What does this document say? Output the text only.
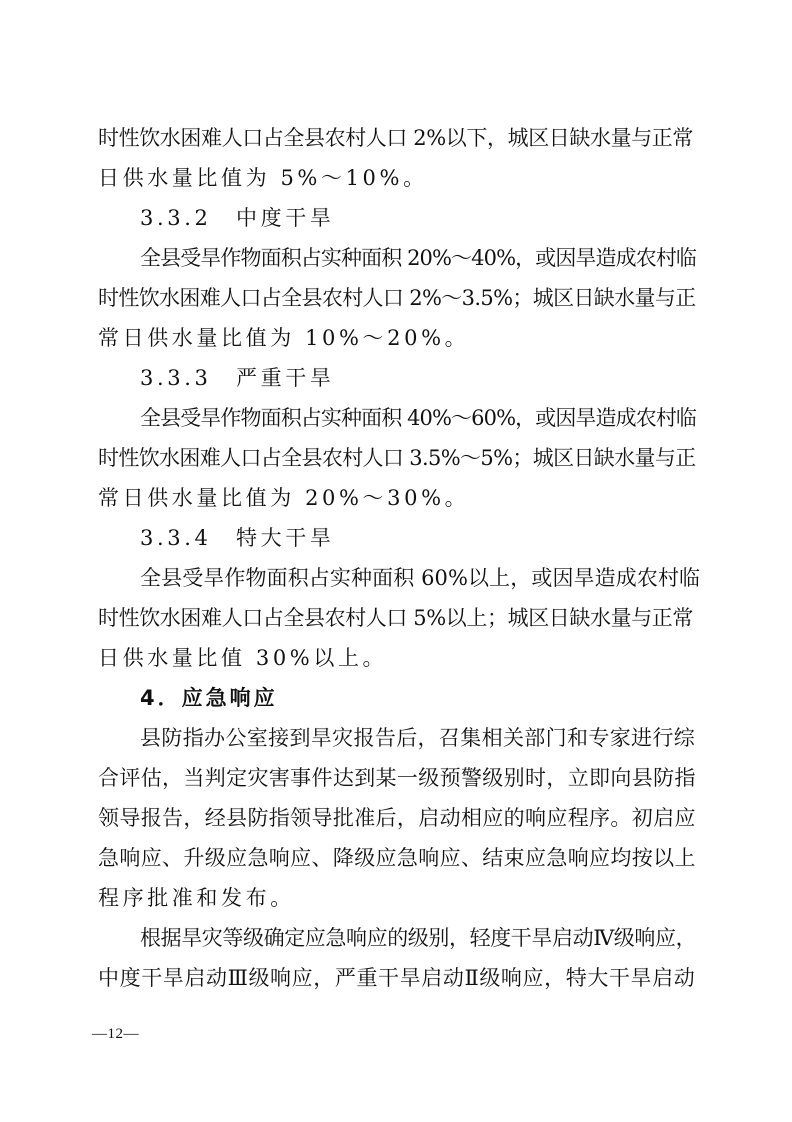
时性饮水困难人口占全县农村人口 2%以下，城区日缺水量与正常
日供水量比值为 5%～10%。
3.3.2　中度干旱
全县受旱作物面积占实种面积 20%～40%，或因旱造成农村临
时性饮水困难人口占全县农村人口 2%～3.5%；城区日缺水量与正
常日供水量比值为 10%～20%。
3.3.3　严重干旱
全县受旱作物面积占实种面积 40%～60%，或因旱造成农村临
时性饮水困难人口占全县农村人口 3.5%～5%；城区日缺水量与正
常日供水量比值为 20%～30%。
3.3.4　特大干旱
全县受旱作物面积占实种面积 60%以上，或因旱造成农村临
时性饮水困难人口占全县农村人口 5%以上；城区日缺水量与正常
日供水量比值 30%以上。
4．应急响应
县防指办公室接到旱灾报告后，召集相关部门和专家进行综
合评估，当判定灾害事件达到某一级预警级别时，立即向县防指
领导报告，经县防指领导批准后，启动相应的响应程序。初启应
急响应、升级应急响应、降级应急响应、结束应急响应均按以上
程序批准和发布。
根据旱灾等级确定应急响应的级别，轻度干旱启动Ⅳ级响应，
中度干旱启动Ⅲ级响应，严重干旱启动Ⅱ级响应，特大干旱启动
—12—
